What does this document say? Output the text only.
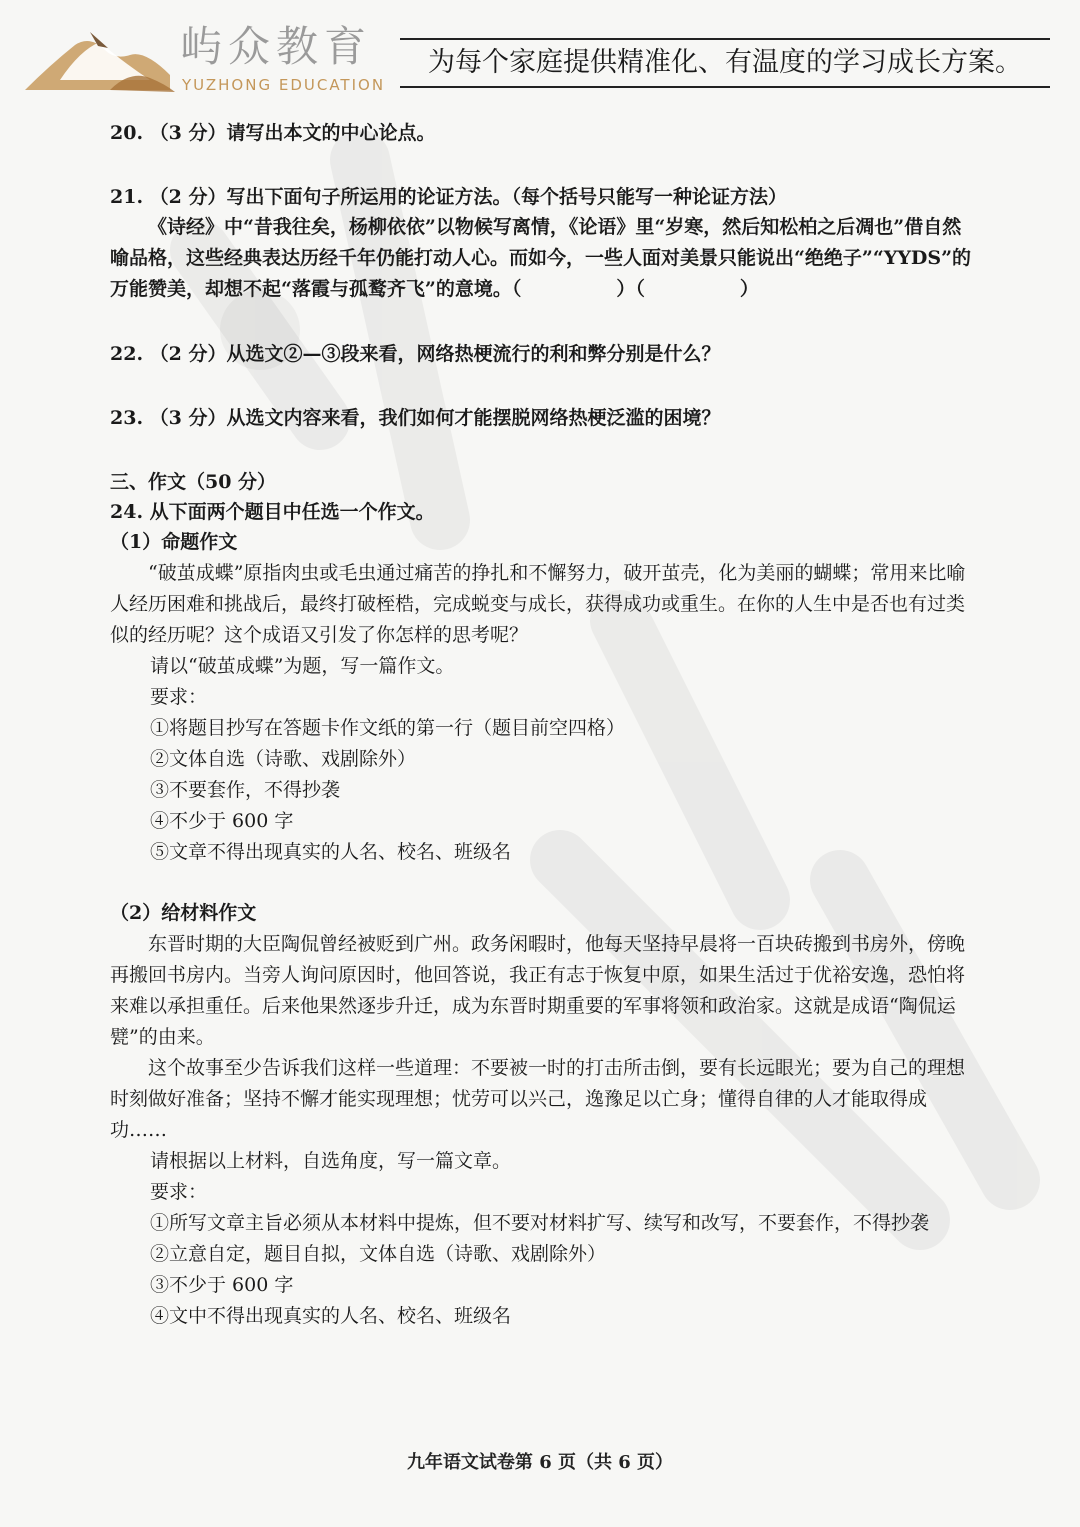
屿众教育
YUZHONG EDUCATION
为每个家庭提供精准化、有温度的学习成长方案。
20. （3 分）请写出本文的中心论点。
21. （2 分）写出下面句子所运用的论证方法。（每个括号只能写一种论证方法）
《诗经》中“昔我往矣，杨柳依依”以物候写离情，《论语》里“岁寒，然后知松柏之后凋也”借自然喻品格，这些经典表达历经千年仍能打动人心。而如今，一些人面对美景只能说出“绝绝子”“YYDS”的万能赞美，却想不起“落霞与孤鹜齐飞”的意境。（　　　　　）（　　　　　）
22. （2 分）从选文②—③段来看，网络热梗流行的利和弊分别是什么？
23. （3 分）从选文内容来看，我们如何才能摆脱网络热梗泛滥的困境？
三、作文（50 分）
24. 从下面两个题目中任选一个作文。
（1）命题作文
“破茧成蝶”原指肉虫或毛虫通过痛苦的挣扎和不懈努力，破开茧壳，化为美丽的蝴蝶；常用来比喻人经历困难和挑战后，最终打破桎梏，完成蜕变与成长，获得成功或重生。在你的人生中是否也有过类似的经历呢？这个成语又引发了你怎样的思考呢？
请以“破茧成蝶”为题，写一篇作文。
要求：
①将题目抄写在答题卡作文纸的第一行（题目前空四格）
②文体自选（诗歌、戏剧除外）
③不要套作，不得抄袭
④不少于 600 字
⑤文章不得出现真实的人名、校名、班级名
（2）给材料作文
东晋时期的大臣陶侃曾经被贬到广州。政务闲暇时，他每天坚持早晨将一百块砖搬到书房外，傍晚再搬回书房内。当旁人询问原因时，他回答说，我正有志于恢复中原，如果生活过于优裕安逸，恐怕将来难以承担重任。后来他果然逐步升迁，成为东晋时期重要的军事将领和政治家。这就是成语“陶侃运甓”的由来。
这个故事至少告诉我们这样一些道理：不要被一时的打击所击倒，要有长远眼光；要为自己的理想时刻做好准备；坚持不懈才能实现理想；忧劳可以兴己，逸豫足以亡身；懂得自律的人才能取得成功……
请根据以上材料，自选角度，写一篇文章。
要求：
①所写文章主旨必须从本材料中提炼，但不要对材料扩写、续写和改写，不要套作，不得抄袭
②立意自定，题目自拟，文体自选（诗歌、戏剧除外）
③不少于 600 字
④文中不得出现真实的人名、校名、班级名
九年语文试卷第 6 页（共 6 页）
